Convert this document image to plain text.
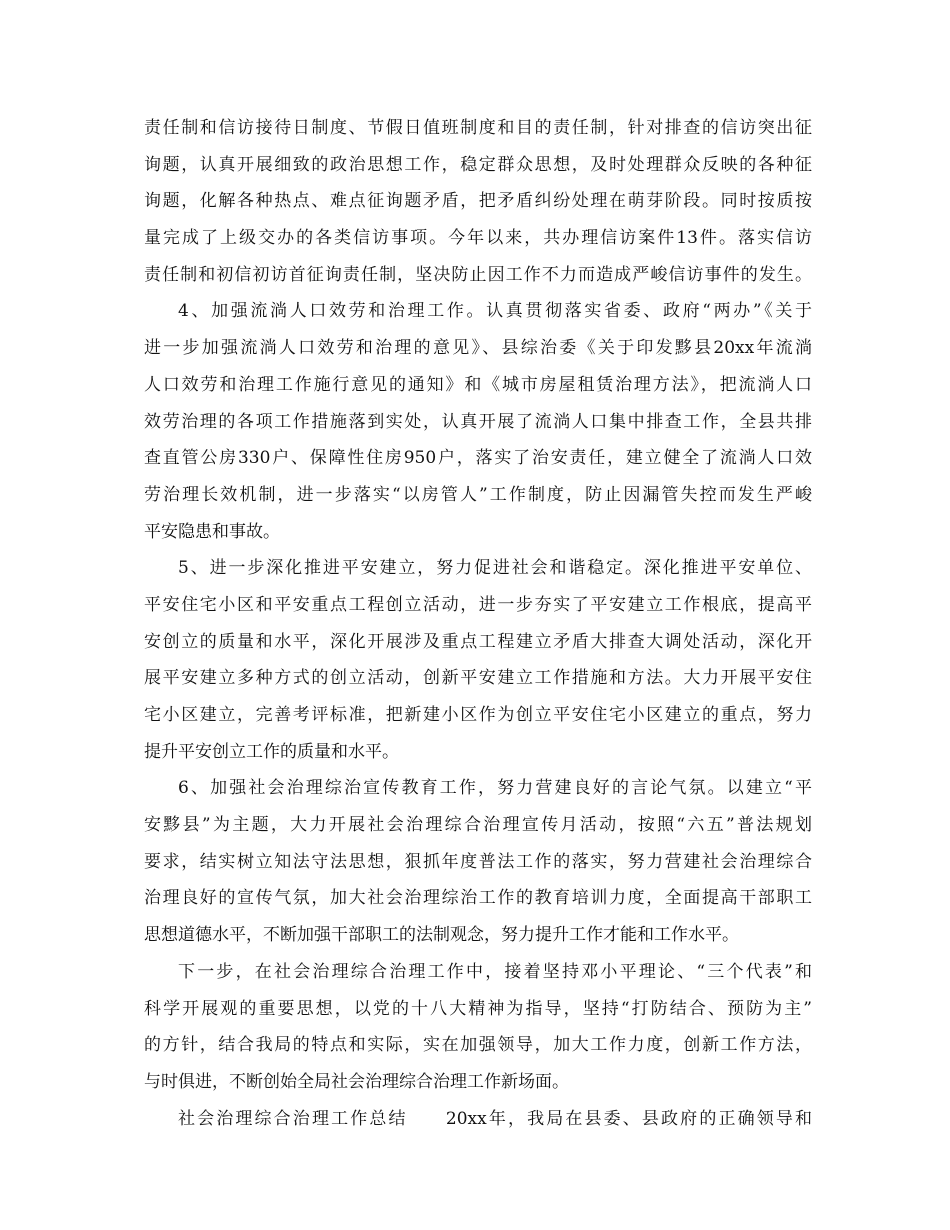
责任制和信访接待日制度、节假日值班制度和目的责任制，针对排查的信访突出征
询题，认真开展细致的政治思想工作，稳定群众思想，及时处理群众反映的各种征
询题，化解各种热点、难点征询题矛盾，把矛盾纠纷处理在萌芽阶段。同时按质按
量完成了上级交办的各类信访事项。今年以来，共办理信访案件13件。落实信访
责任制和初信初访首征询责任制，坚决防止因工作不力而造成严峻信访事件的发生。
4、加强流淌人口效劳和治理工作。认真贯彻落实省委、政府“两办”《关于
进一步加强流淌人口效劳和治理的意见》、县综治委《关于印发黟县20xx年流淌
人口效劳和治理工作施行意见的通知》和《城市房屋租赁治理方法》，把流淌人口
效劳治理的各项工作措施落到实处，认真开展了流淌人口集中排查工作，全县共排
查直管公房330户、保障性住房950户，落实了治安责任，建立健全了流淌人口效
劳治理长效机制，进一步落实“以房管人”工作制度，防止因漏管失控而发生严峻
平安隐患和事故。
5、进一步深化推进平安建立，努力促进社会和谐稳定。深化推进平安单位、
平安住宅小区和平安重点工程创立活动，进一步夯实了平安建立工作根底，提高平
安创立的质量和水平，深化开展涉及重点工程建立矛盾大排查大调处活动，深化开
展平安建立多种方式的创立活动，创新平安建立工作措施和方法。大力开展平安住
宅小区建立，完善考评标准，把新建小区作为创立平安住宅小区建立的重点，努力
提升平安创立工作的质量和水平。
6、加强社会治理综治宣传教育工作，努力营建良好的言论气氛。以建立“平
安黟县”为主题，大力开展社会治理综合治理宣传月活动，按照“六五”普法规划
要求，结实树立知法守法思想，狠抓年度普法工作的落实，努力营建社会治理综合
治理良好的宣传气氛，加大社会治理综治工作的教育培训力度，全面提高干部职工
思想道德水平，不断加强干部职工的法制观念，努力提升工作才能和工作水平。
下一步，在社会治理综合治理工作中，接着坚持邓小平理论、“三个代表”和
科学开展观的重要思想，以党的十八大精神为指导，坚持“打防结合、预防为主”
的方针，结合我局的特点和实际，实在加强领导，加大工作力度，创新工作方法，
与时俱进，不断创始全局社会治理综合治理工作新场面。
社会治理综合治理工作总结　　20xx年，我局在县委、县政府的正确领导和
